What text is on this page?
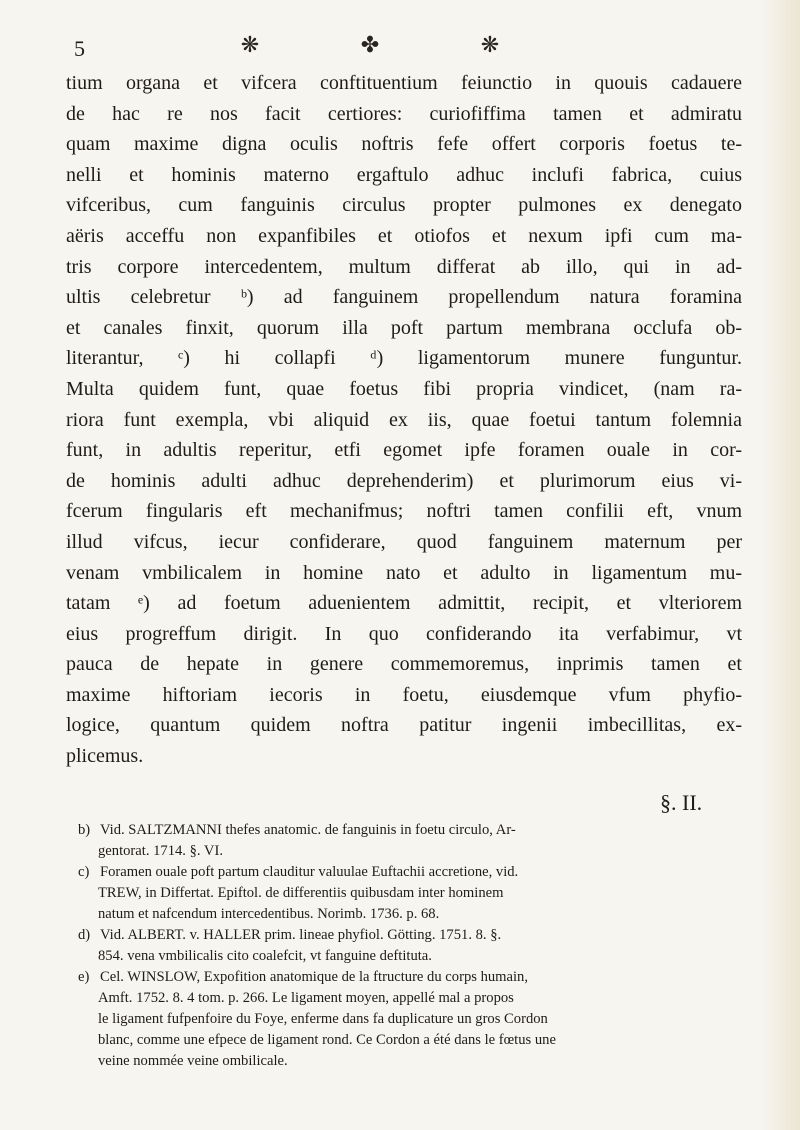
5	❋	✤	❋
tium organa et vifcera conftituentium feiunctio in quouis cadauere
de hac re nos facit certiores: curiofiffima tamen et admiratu
quam maxime digna oculis noftris fefe offert corporis foetus te-
nelli et hominis materno ergaftulo adhuc inclufi fabrica, cuius
vifceribus, cum fanguinis circulus propter pulmones ex denegato
aëris acceffu non expanfibiles et otiofos et nexum ipfi cum ma-
tris corpore intercedentem, multum differat ab illo, qui in ad-
ultis celebretur ᵇ) ad fanguinem propellendum natura foramina
et canales finxit, quorum illa poft partum membrana occlufa ob-
literantur, ᶜ) hi collapfi ᵈ) ligamentorum munere funguntur.
Multa quidem funt, quae foetus fibi propria vindicet, (nam ra-
riora funt exempla, vbi aliquid ex iis, quae foetui tantum folemnia
funt, in adultis reperitur, etfi egomet ipfe foramen ouale in cor-
de hominis adulti adhuc deprehenderim) et plurimorum eius vi-
fcerum fingularis eft mechanifmus; noftri tamen confilii eft, vnum
illud vifcus, iecur confiderare, quod fanguinem maternum per
venam vmbilicalem in homine nato et adulto in ligamentum mu-
tatam ᵉ) ad foetum aduenientem admittit, recipit, et vlteriorem
eius progreffum dirigit. In quo confiderando ita verfabimur, vt
pauca de hepate in genere commemoremus, inprimis tamen et
maxime hiftoriam iecoris in foetu, eiusdemque vfum phyfio-
logice, quantum quidem noftra patitur ingenii imbecillitas, ex-
plicemus.
§. II.
b) Vid. SALTZMANNI thefes anatomic. de fanguinis in foetu circulo, Ar-
gentorat. 1714. §. VI.
c) Foramen ouale poft partum clauditur valuulae Euftachii accretione, vid.
TREW, in Differtat. Epiftol. de differentiis quibusdam inter hominem
natum et nafcendum intercedentibus. Norimb. 1736. p. 68.
d) Vid. ALBERT. v. HALLER prim. lineae phyfiol. Götting. 1751. 8. §.
854. vena vmbilicalis cito coalefcit, vt fanguine deftituta.
e) Cel. WINSLOW, Expofition anatomique de la ftructure du corps humain,
Amft. 1752. 8. 4 tom. p. 266. Le ligament moyen, appellé mal a propos
le ligament fufpenfoire du Foye, enferme dans fa duplicature un gros Cordon
blanc, comme une efpece de ligament rond. Ce Cordon a été dans le fœtus une
veine nommée veine ombilicale.
